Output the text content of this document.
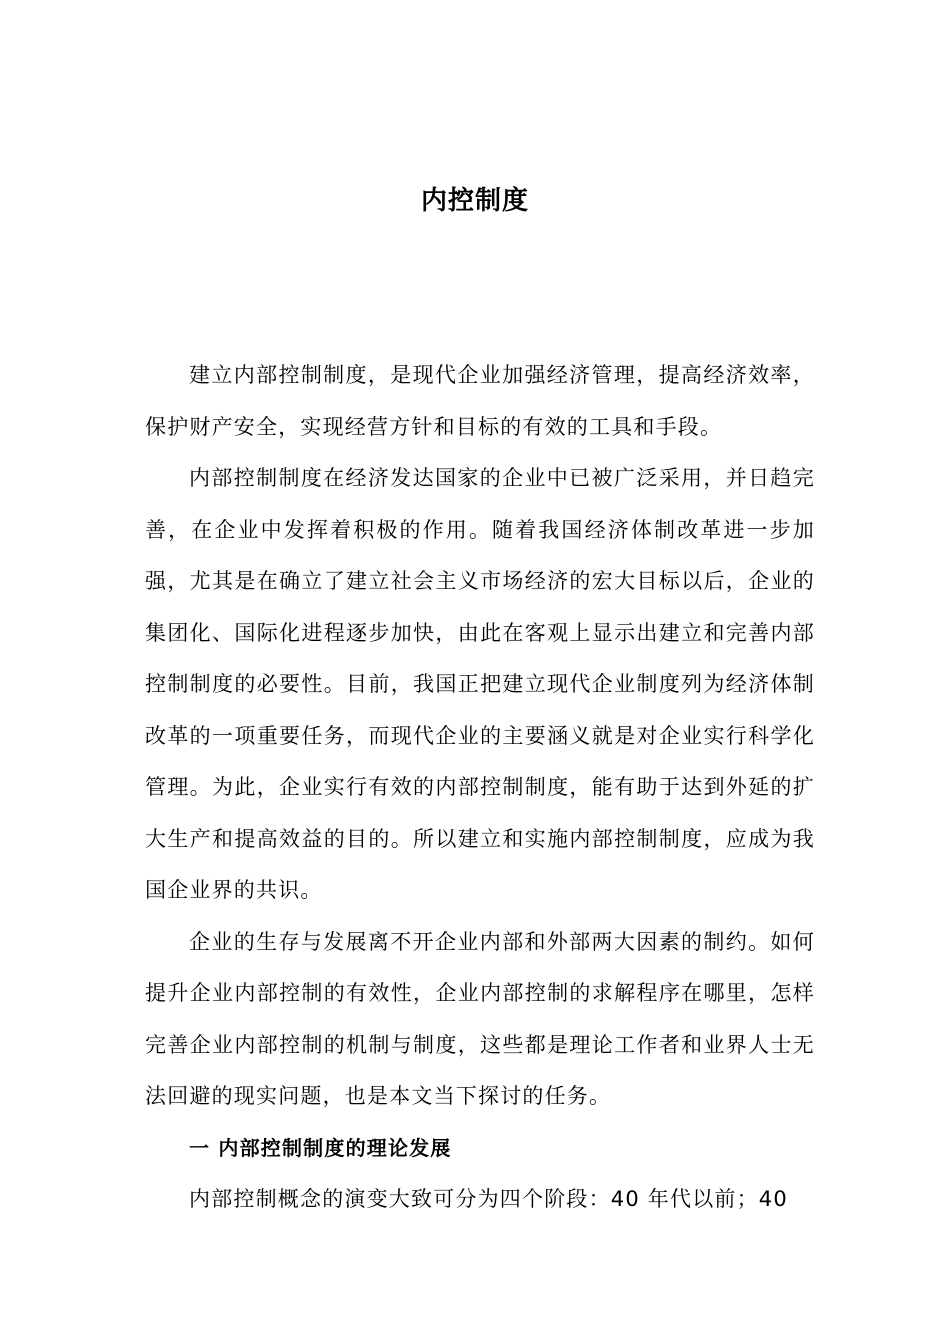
内控制度

建立内部控制制度，是现代企业加强经济管理，提高经济效率，保护财产安全，实现经营方针和目标的有效的工具和手段。

内部控制制度在经济发达国家的企业中已被广泛采用，并日趋完善，在企业中发挥着积极的作用。随着我国经济体制改革进一步加强，尤其是在确立了建立社会主义市场经济的宏大目标以后，企业的集团化、国际化进程逐步加快，由此在客观上显示出建立和完善内部控制制度的必要性。目前，我国正把建立现代企业制度列为经济体制改革的一项重要任务，而现代企业的主要涵义就是对企业实行科学化管理。为此，企业实行有效的内部控制制度，能有助于达到外延的扩大生产和提高效益的目的。所以建立和实施内部控制制度，应成为我国企业界的共识。

企业的生存与发展离不开企业内部和外部两大因素的制约。如何提升企业内部控制的有效性，企业内部控制的求解程序在哪里，怎样完善企业内部控制的机制与制度，这些都是理论工作者和业界人士无法回避的现实问题，也是本文当下探讨的任务。

一 内部控制制度的理论发展

内部控制概念的演变大致可分为四个阶段：40 年代以前；40
